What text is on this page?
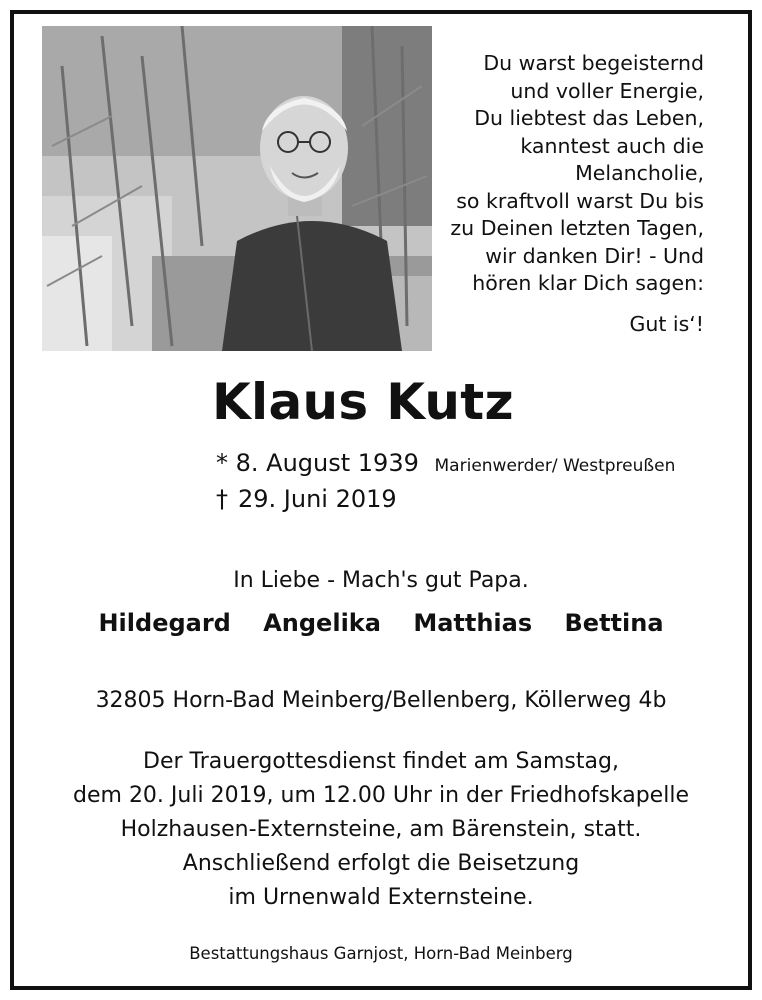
Du warst begeisternd
und voller Energie,
Du liebtest das Leben,
kanntest auch die
Melancholie,
so kraftvoll warst Du bis
zu Deinen letzten Tagen,
wir danken Dir! - Und
hören klar Dich sagen:
Gut is‘!
Klaus Kutz
* 8. August 1939 Marienwerder/ Westpreußen
† 29. Juni 2019
In Liebe - Mach's gut Papa.
Hildegard Angelika Matthias Bettina
32805 Horn-Bad Meinberg/Bellenberg, Köllerweg 4b
Der Trauergottesdienst findet am Samstag,
dem 20. Juli 2019, um 12.00 Uhr in der Friedhofskapelle
Holzhausen-Externsteine, am Bärenstein, statt.
Anschließend erfolgt die Beisetzung
im Urnenwald Externsteine.
Bestattungshaus Garnjost, Horn-Bad Meinberg
